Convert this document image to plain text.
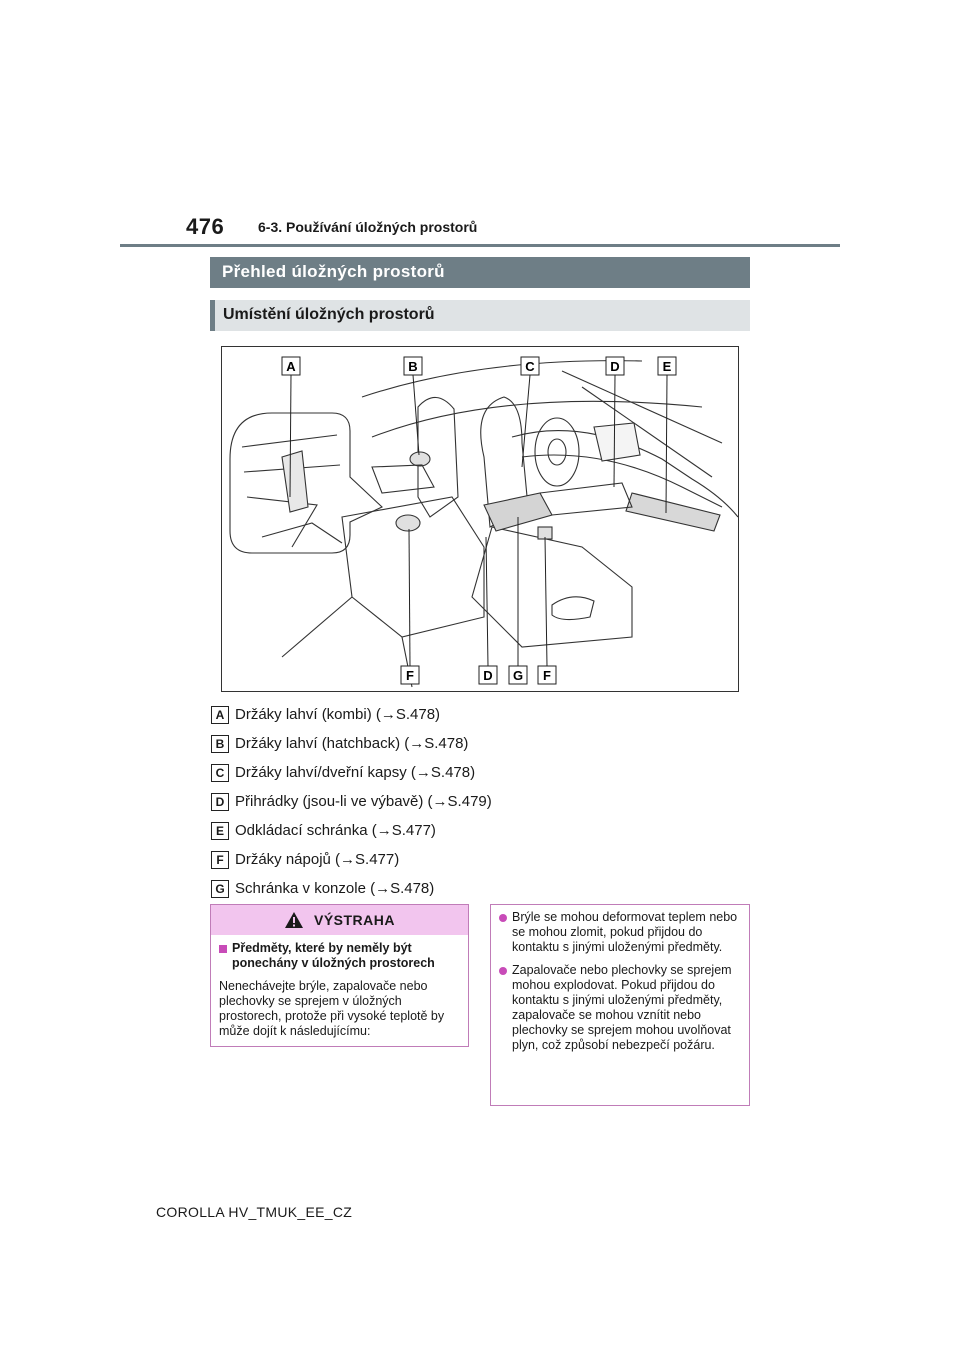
476 6-3. Používání úložných prostorů
Přehled úložných prostorů
Umístění úložných prostorů
A	B	C	D	E
F	D G F
A Držáky lahví (kombi) (→S.478)
B Držáky lahví (hatchback) (→S.478)
C Držáky lahví/dveřní kapsy (→S.478)
D Přihrádky (jsou-li ve výbavě) (→S.479)
E Odkládací schránka (→S.477)
F Držáky nápojů (→S.477)
G Schránka v konzole (→S.478)
VÝSTRAHA
Předměty, které by neměly být ponechány v úložných prostorech
Nenechávejte brýle, zapalovače nebo plechovky se sprejem v úložných prostorech, protože při vysoké teplotě by může dojít k následujícímu:
Brýle se mohou deformovat teplem nebo se mohou zlomit, pokud přijdou do kontaktu s jinými uloženými předměty.
Zapalovače nebo plechovky se sprejem mohou explodovat. Pokud přijdou do kontaktu s jinými uloženými předměty, zapalovače se mohou vznítit nebo plechovky se sprejem mohou uvolňovat plyn, což způsobí nebezpečí požáru.
COROLLA HV_TMUK_EE_CZ
